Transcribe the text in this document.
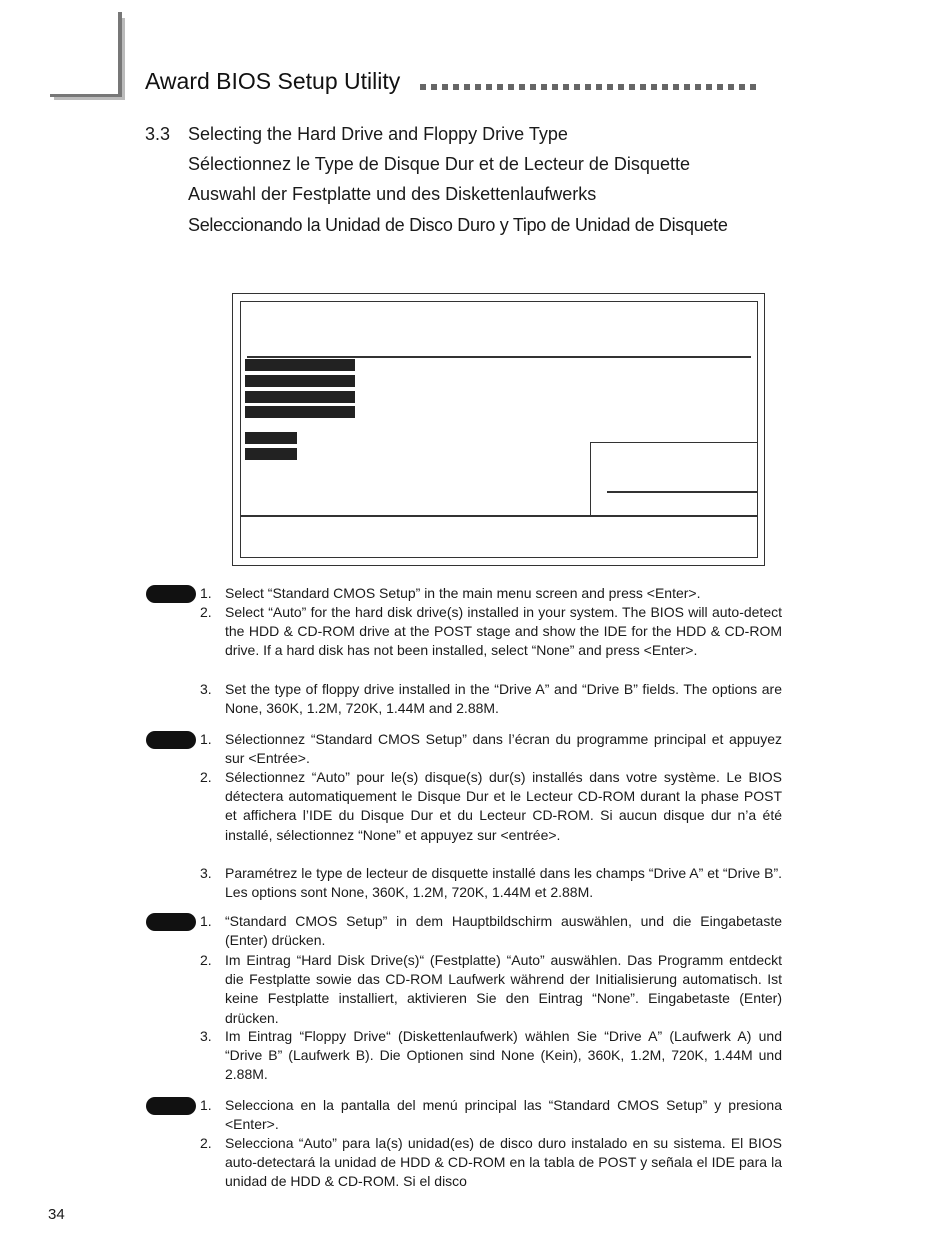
Award BIOS Setup Utility
3.3 Selecting the Hard Drive and Floppy Drive Type
Sélectionnez le Type de Disque Dur et de Lecteur de Disquette
Auswahl der Festplatte und des Diskettenlaufwerks
Seleccionando la Unidad de Disco Duro y Tipo de Unidad de Disquete
1. Select “Standard CMOS Setup” in the main menu screen and press <Enter>.
2. Select “Auto” for the hard disk drive(s) installed in your system. The BIOS will auto-detect the HDD & CD-ROM drive at the POST stage and show the IDE for the HDD & CD-ROM drive. If a hard disk has not been installed, select “None” and press <Enter>.
3. Set the type of floppy drive installed in the “Drive A” and “Drive B” fields. The options are None, 360K, 1.2M, 720K, 1.44M and 2.88M.
1. Sélectionnez “Standard CMOS Setup” dans l’écran du programme principal et appuyez sur <Entrée>.
2. Sélectionnez “Auto” pour le(s) disque(s) dur(s) installés dans votre système. Le BIOS détectera automatiquement le Disque Dur et le Lecteur CD-ROM durant la phase POST et affichera l’IDE du Disque Dur et du Lecteur CD-ROM. Si aucun disque dur n’a été installé, sélectionnez “None” et appuyez sur <entrée>.
3. Paramétrez le type de lecteur de disquette installé dans les champs “Drive A” et “Drive B”. Les options sont None, 360K, 1.2M, 720K, 1.44M et 2.88M.
1. “Standard CMOS Setup” in dem Hauptbildschirm auswählen, und die Eingabetaste (Enter) drücken.
2. Im Eintrag “Hard Disk Drive(s)“ (Festplatte) “Auto” auswählen. Das Programm entdeckt die Festplatte sowie das CD-ROM Laufwerk während der Initialisierung automatisch. Ist keine Festplatte installiert, aktivieren Sie den Eintrag “None”. Eingabetaste (Enter) drücken.
3. Im Eintrag “Floppy Drive“ (Diskettenlaufwerk) wählen Sie “Drive A” (Laufwerk A) und “Drive B” (Laufwerk B). Die Optionen sind None (Kein), 360K, 1.2M, 720K, 1.44M und 2.88M.
1. Selecciona en la pantalla del menú principal las “Standard CMOS Setup” y presiona <Enter>.
2. Selecciona “Auto” para la(s) unidad(es) de disco duro instalado en su sistema. El BIOS auto-detectará la unidad de HDD & CD-ROM en la tabla de POST y señala el IDE para la unidad de HDD & CD-ROM. Si el disco
34
